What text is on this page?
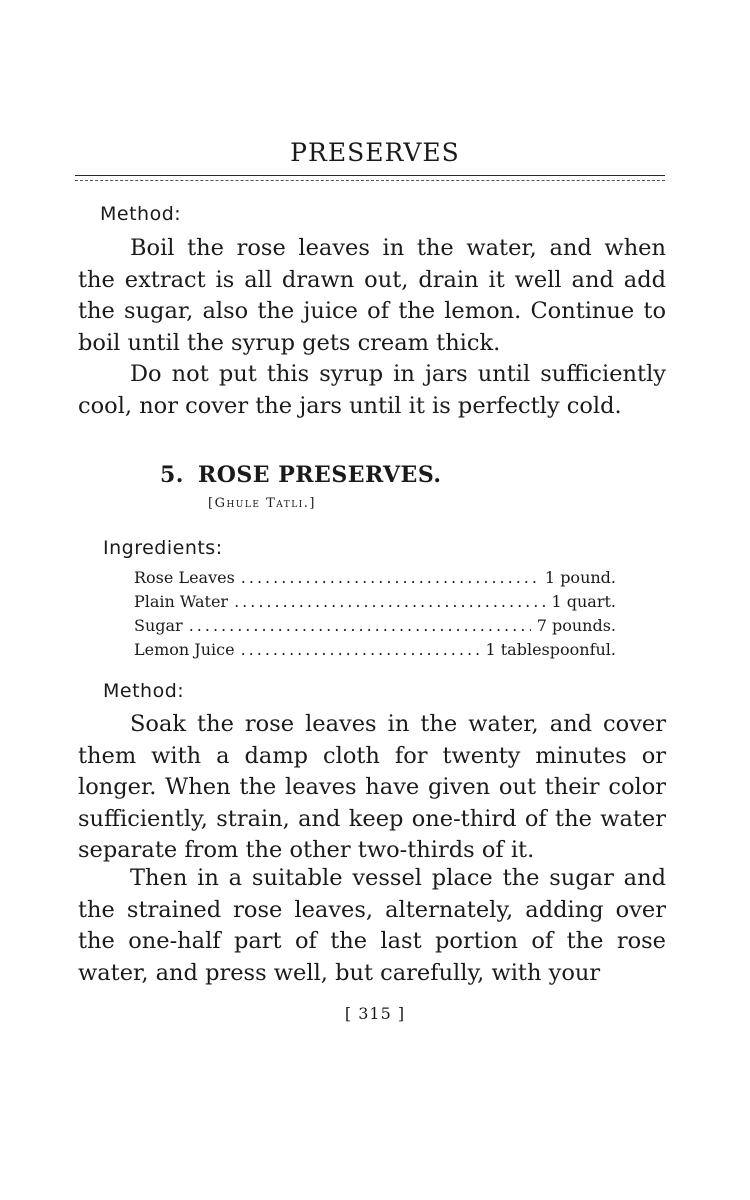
PRESERVES
Method:

Boil the rose leaves in the water, and when the extract is all drawn out, drain it well and add the sugar, also the juice of the lemon. Continue to boil until the syrup gets cream thick.

Do not put this syrup in jars until sufficiently cool, nor cover the jars until it is perfectly cold.

5. ROSE PRESERVES.
[Ghule Tatli.]
Ingredients:
Rose Leaves .....	1 pound.
Plain Water .....	1 quart.
Sugar .....	7 pounds.
Lemon Juice .....	1 tablespoonful.
Method:

Soak the rose leaves in the water, and cover them with a damp cloth for twenty minutes or longer. When the leaves have given out their color sufficiently, strain, and keep one-third of the water separate from the other two-thirds of it.

Then in a suitable vessel place the sugar and the strained rose leaves, alternately, adding over the one-half part of the last portion of the rose water, and press well, but carefully, with your

[ 315 ]
